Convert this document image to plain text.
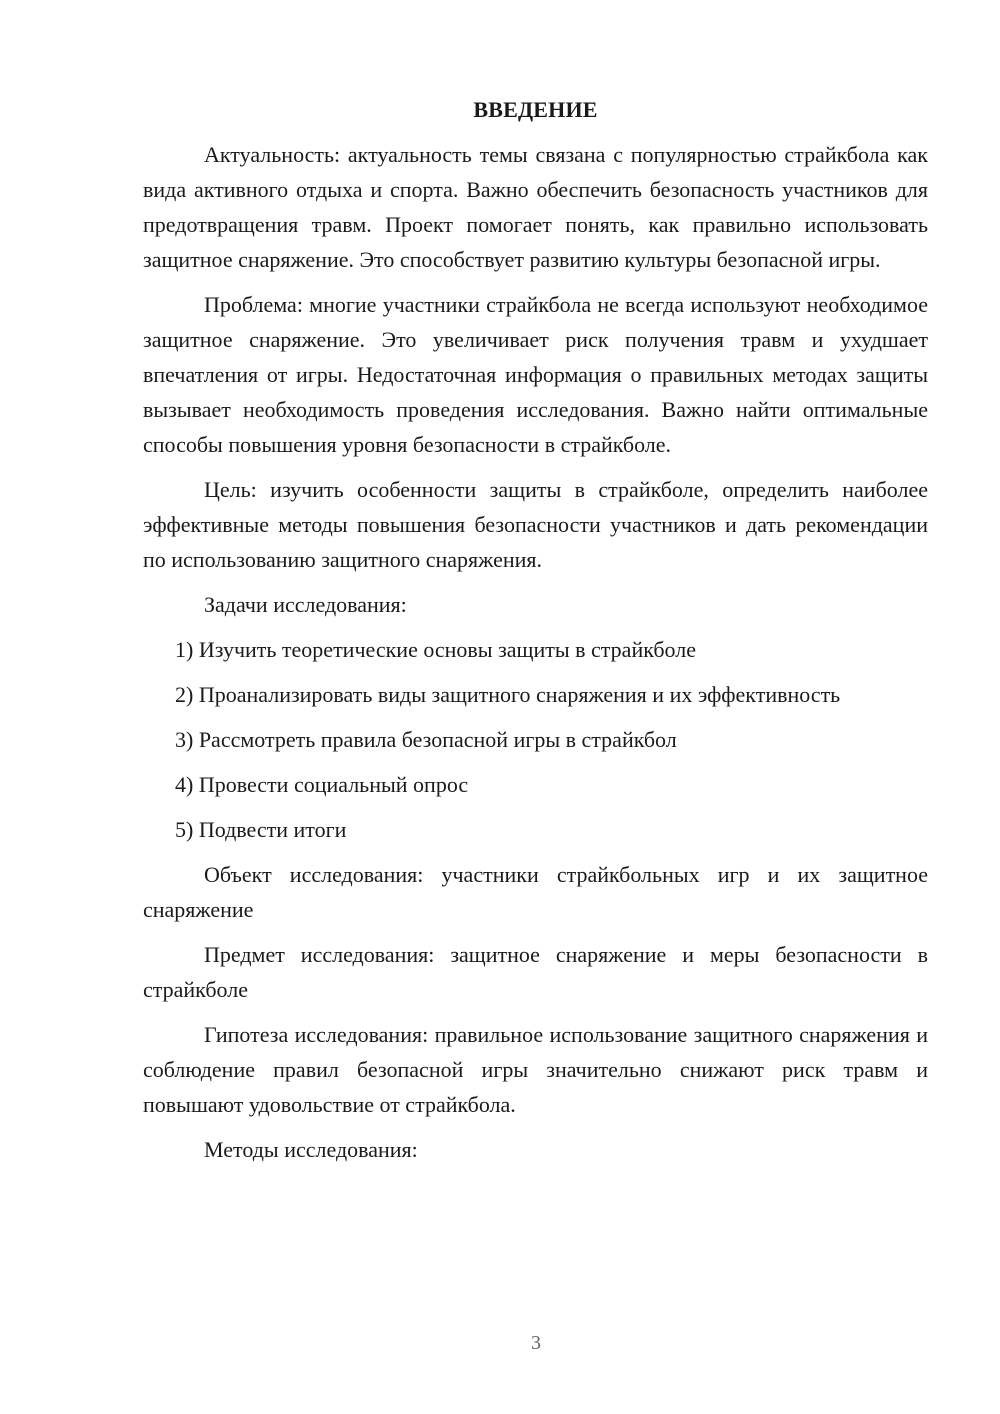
ВВЕДЕНИЕ

Актуальность: актуальность темы связана с популярностью страйкбола как вида активного отдыха и спорта. Важно обеспечить безопасность участников для предотвращения травм. Проект помогает понять, как правильно использовать защитное снаряжение. Это способствует развитию культуры безопасной игры.

Проблема: многие участники страйкбола не всегда используют необходимое защитное снаряжение. Это увеличивает риск получения травм и ухудшает впечатления от игры. Недостаточная информация о правильных методах защиты вызывает необходимость проведения исследования. Важно найти оптимальные способы повышения уровня безопасности в страйкболе.

Цель: изучить особенности защиты в страйкболе, определить наиболее эффективные методы повышения безопасности участников и дать рекомендации по использованию защитного снаряжения.

Задачи исследования:

1) Изучить теоретические основы защиты в страйкболе

2) Проанализировать виды защитного снаряжения и их эффективность

3) Рассмотреть правила безопасной игры в страйкбол

4) Провести социальный опрос

5) Подвести итоги

Объект исследования: участники страйкбольных игр и их защитное снаряжение

Предмет исследования: защитное снаряжение и меры безопасности в страйкболе

Гипотеза исследования: правильное использование защитного снаряжения и соблюдение правил безопасной игры значительно снижают риск травм и повышают удовольствие от страйкбола.

Методы исследования:

3
